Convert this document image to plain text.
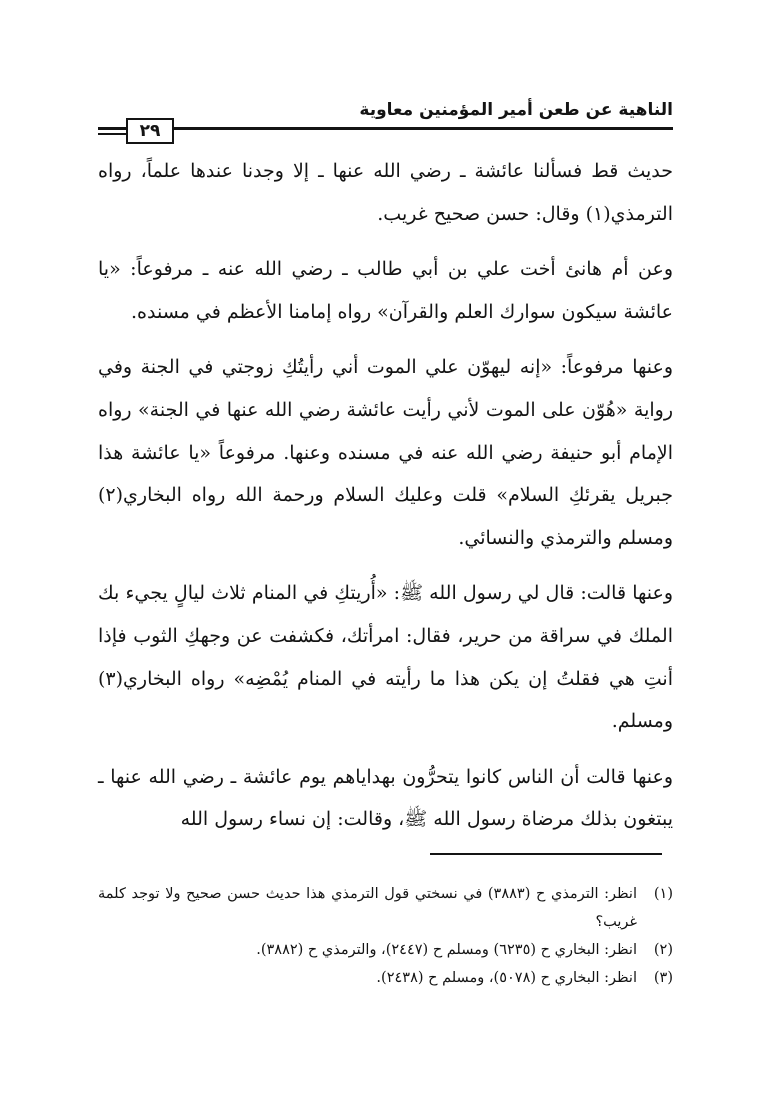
الناهية عن طعن أمير المؤمنين معاوية
٢٩

حديث قط فسألنا عائشة ـ رضي الله عنها ـ إلا وجدنا عندها علماً، رواه الترمذي(١) وقال: حسن صحيح غريب.

وعن أم هانئ أخت علي بن أبي طالب ـ رضي الله عنه ـ مرفوعاً: «يا عائشة سيكون سوارك العلم والقرآن» رواه إمامنا الأعظم في مسنده.

وعنها مرفوعاً: «إنه ليهوّن علي الموت أني رأيتُكِ زوجتي في الجنة وفي رواية «هُوّن على الموت لأني رأيت عائشة رضي الله عنها في الجنة» رواه الإمام أبو حنيفة رضي الله عنه في مسنده وعنها. مرفوعاً «يا عائشة هذا جبريل يقرئكِ السلام» قلت وعليك السلام ورحمة الله رواه البخاري(٢) ومسلم والترمذي والنسائي.

وعنها قالت: قال لي رسول الله ﷺ: «أُريتكِ في المنام ثلاث ليالٍ يجيء بك الملك في سراقة من حرير، فقال: امرأتك، فكشفت عن وجهكِ الثوب فإذا أنتِ هي فقلتُ إن يكن هذا ما رأيته في المنام يُمْضِه» رواه البخاري(٣) ومسلم.

وعنها قالت أن الناس كانوا يتحرُّون بهداياهم يوم عائشة ـ رضي الله عنها ـ يبتغون بذلك مرضاة رسول الله ﷺ، وقالت: إن نساء رسول الله

(١)
انظر: الترمذي ح (٣٨٨٣) في نسختي قول الترمذي هذا حديث حسن صحيح ولا توجد كلمة غريب؟
(٢)
انظر: البخاري ح (٦٢٣٥) ومسلم ح (٢٤٤٧)، والترمذي ح (٣٨٨٢).
(٣)
انظر: البخاري ح (٥٠٧٨)، ومسلم ح (٢٤٣٨).
